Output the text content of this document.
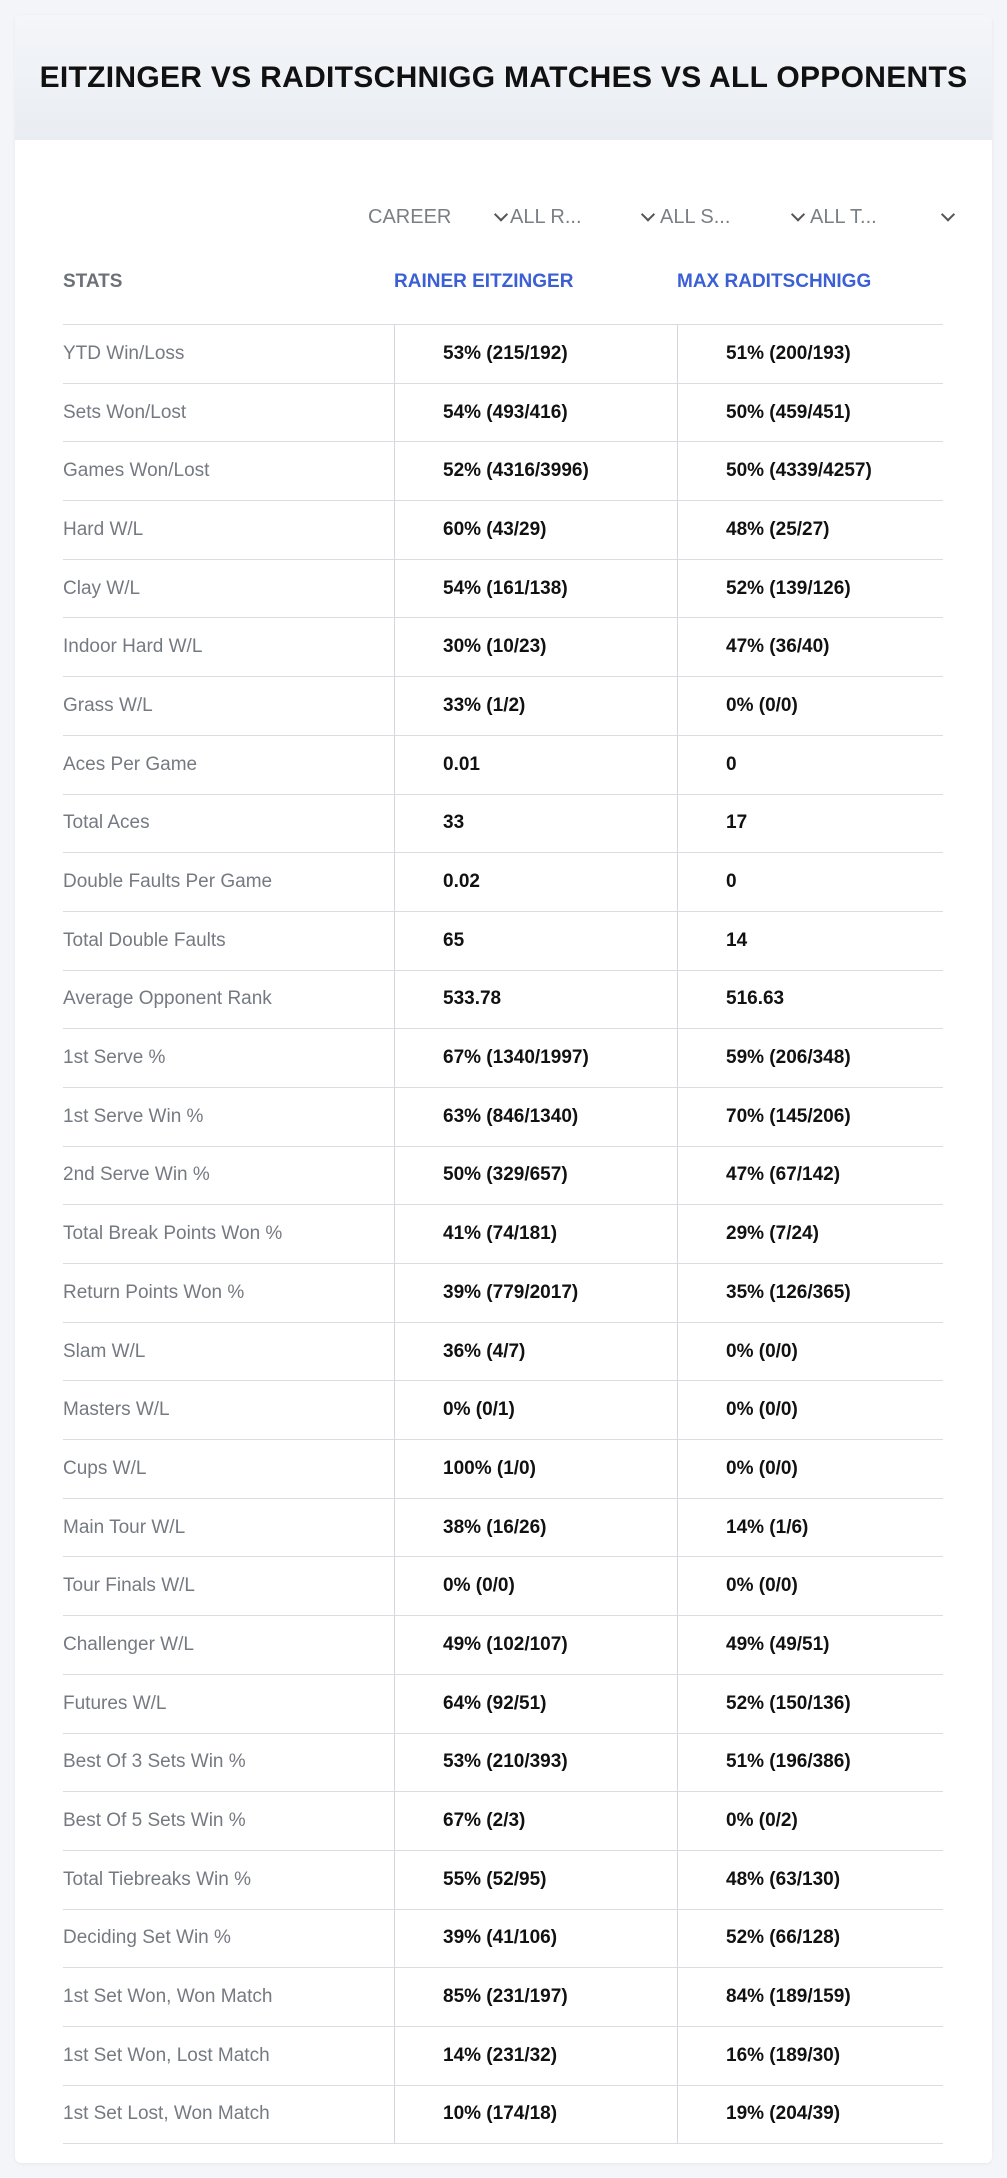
EITZINGER VS RADITSCHNIGG MATCHES VS ALL OPPONENTS
CAREER	ALL R...	ALL S...	ALL T...
STATS	RAINER EITZINGER	MAX RADITSCHNIGG
YTD Win/Loss	53% (215/192)	51% (200/193)
Sets Won/Lost	54% (493/416)	50% (459/451)
Games Won/Lost	52% (4316/3996)	50% (4339/4257)
Hard W/L	60% (43/29)	48% (25/27)
Clay W/L	54% (161/138)	52% (139/126)
Indoor Hard W/L	30% (10/23)	47% (36/40)
Grass W/L	33% (1/2)	0% (0/0)
Aces Per Game	0.01	0
Total Aces	33	17
Double Faults Per Game	0.02	0
Total Double Faults	65	14
Average Opponent Rank	533.78	516.63
1st Serve %	67% (1340/1997)	59% (206/348)
1st Serve Win %	63% (846/1340)	70% (145/206)
2nd Serve Win %	50% (329/657)	47% (67/142)
Total Break Points Won %	41% (74/181)	29% (7/24)
Return Points Won %	39% (779/2017)	35% (126/365)
Slam W/L	36% (4/7)	0% (0/0)
Masters W/L	0% (0/1)	0% (0/0)
Cups W/L	100% (1/0)	0% (0/0)
Main Tour W/L	38% (16/26)	14% (1/6)
Tour Finals W/L	0% (0/0)	0% (0/0)
Challenger W/L	49% (102/107)	49% (49/51)
Futures W/L	64% (92/51)	52% (150/136)
Best Of 3 Sets Win %	53% (210/393)	51% (196/386)
Best Of 5 Sets Win %	67% (2/3)	0% (0/2)
Total Tiebreaks Win %	55% (52/95)	48% (63/130)
Deciding Set Win %	39% (41/106)	52% (66/128)
1st Set Won, Won Match	85% (231/197)	84% (189/159)
1st Set Won, Lost Match	14% (231/32)	16% (189/30)
1st Set Lost, Won Match	10% (174/18)	19% (204/39)
